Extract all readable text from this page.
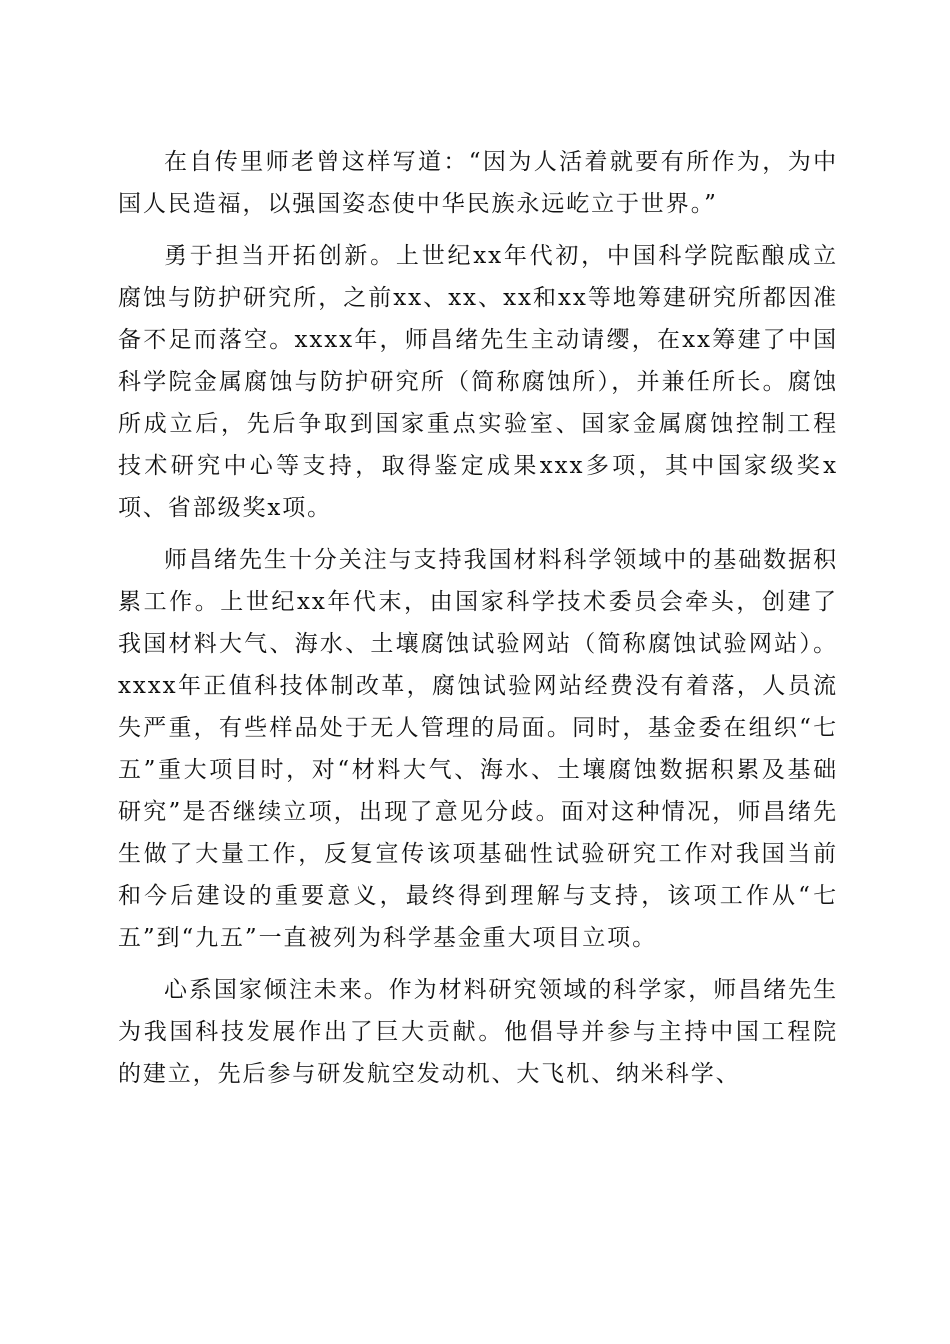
在自传里师老曾这样写道：“因为人活着就要有所作为，为中国人民造福，以强国姿态使中华民族永远屹立于世界。”

勇于担当开拓创新。上世纪xx年代初，中国科学院酝酿成立腐蚀与防护研究所，之前xx、xx、xx和xx等地筹建研究所都因准备不足而落空。xxxx年，师昌绪先生主动请缨，在xx筹建了中国科学院金属腐蚀与防护研究所（简称腐蚀所），并兼任所长。腐蚀所成立后，先后争取到国家重点实验室、国家金属腐蚀控制工程技术研究中心等支持，取得鉴定成果xxx多项，其中国家级奖x项、省部级奖x项。

师昌绪先生十分关注与支持我国材料科学领域中的基础数据积累工作。上世纪xx年代末，由国家科学技术委员会牵头，创建了我国材料大气、海水、土壤腐蚀试验网站（简称腐蚀试验网站）。xxxx年正值科技体制改革，腐蚀试验网站经费没有着落，人员流失严重，有些样品处于无人管理的局面。同时，基金委在组织“七五”重大项目时，对“材料大气、海水、土壤腐蚀数据积累及基础研究”是否继续立项，出现了意见分歧。面对这种情况，师昌绪先生做了大量工作，反复宣传该项基础性试验研究工作对我国当前和今后建设的重要意义，最终得到理解与支持，该项工作从“七五”到“九五”一直被列为科学基金重大项目立项。

心系国家倾注未来。作为材料研究领域的科学家，师昌绪先生为我国科技发展作出了巨大贡献。他倡导并参与主持中国工程院的建立，先后参与研发航空发动机、大飞机、纳米科学、
